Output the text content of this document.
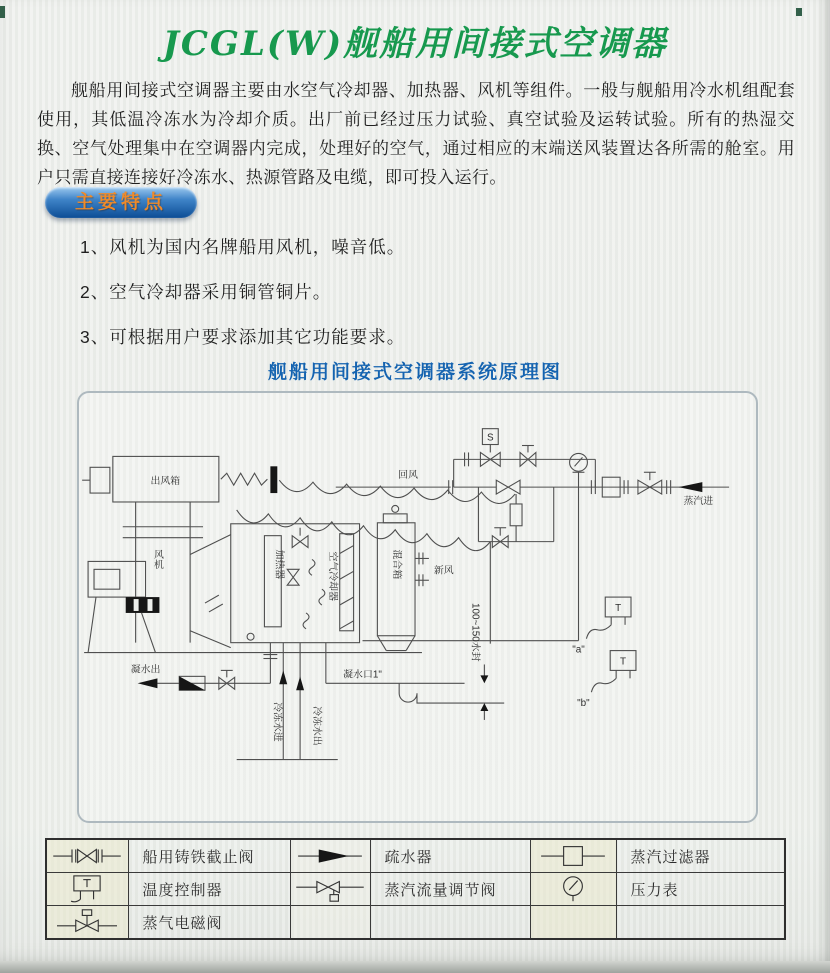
JCGL(W)舰船用间接式空调器
舰船用间接式空调器主要由水空气冷却器、加热器、风机等组件。一般与舰船用冷水机组配套使用，其低温冷冻水为冷却介质。出厂前已经过压力试验、真空试验及运转试验。所有的热湿交换、空气处理集中在空调器内完成，处理好的空气，通过相应的末端送风装置达各所需的舱室。用户只需直接连接好冷冻水、热源管路及电缆，即可投入运行。
主要特点
1、风机为国内名牌船用风机，噪音低。
2、空气冷却器采用铜管铜片。
3、可根据用户要求添加其它功能要求。
舰船用间接式空调器系统原理图
出风箱
回风
风机	加热器	空气冷却器	混合箱	新风
S
蒸汽进
T
"a"
T
"b"
凝水出
冷冻水进	冷冻水出
凝水口1"
100~150水封
	船用铸铁截止阀		疏水器		蒸汽过滤器

	温度控制器		蒸汽流量调节阀		压力表

	蒸气电磁阀				
